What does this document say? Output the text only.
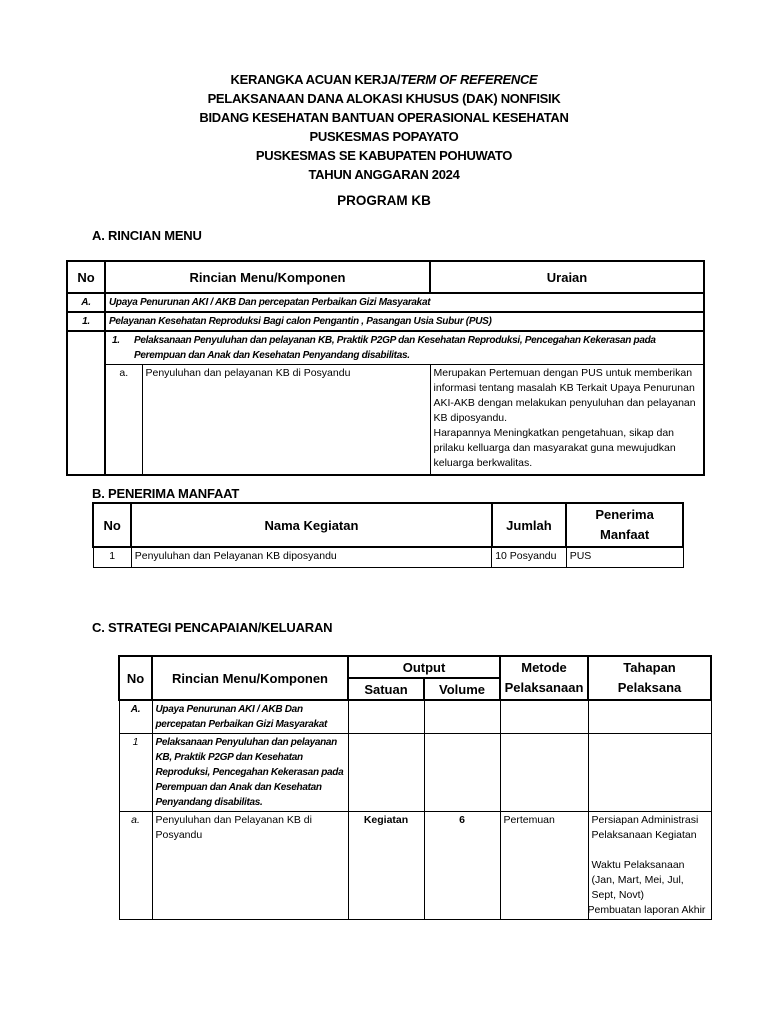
KERANGKA ACUAN KERJA/TERM OF REFERENCE
PELAKSANAAN DANA ALOKASI KHUSUS (DAK) NONFISIK
BIDANG KESEHATAN BANTUAN OPERASIONAL KESEHATAN
PUSKESMAS POPAYATO
PUSKESMAS SE KABUPATEN POHUWATO
TAHUN ANGGARAN 2024
PROGRAM KB
A. RINCIAN MENU
No	Rincian Menu/Komponen		Uraian
A.	Upaya Penurunan AKI / AKB Dan percepatan Perbaikan Gizi Masyarakat		
1.	Pelayanan Kesehatan Reproduksi Bagi calon Pengantin , Pasangan Usia Subur (PUS)		

	1. Pelaksanaan Penyuluhan dan pelayanan KB, Praktik P2GP dan Kesehatan Reproduksi, Pencegahan Kekerasan pada Perempuan dan Anak dan Kesehatan Penyandang disabilitas.		

	a.	Penyuluhan dan pelayanan KB di Posyandu	Merupakan Pertemuan dengan PUS untuk memberikan informasi tentang masalah KB Terkait Upaya Penurunan AKI-AKB dengan melakukan penyuluhan dan pelayanan KB diposyandu.
Harapannya Meningkatkan pengetahuan, sikap dan prilaku kelluarga dan masyarakat guna mewujudkan keluarga berkwalitas.
B. PENERIMA MANFAAT
No	Nama Kegiatan	Jumlah	Penerima Manfaat
1	Penyuluhan dan Pelayanan KB diposyandu	10 Posyandu	PUS
C. STRATEGI PENCAPAIAN/KELUARAN
No	Rincian Menu/Komponen	Output		Metode Pelaksanaan	Tahapan Pelaksana
		Satuan	Volume		
A.	Upaya Penurunan AKI / AKB Dan percepatan Perbaikan Gizi Masyarakat				
1	Pelaksanaan Penyuluhan dan pelayanan KB, Praktik P2GP dan Kesehatan Reproduksi, Pencegahan Kekerasan pada Perempuan dan Anak dan Kesehatan Penyandang disabilitas.				
a.	Penyuluhan dan Pelayanan KB di Posyandu	Kegiatan	6	Pertemuan	Persiapan Administrasi Pelaksanaan Kegiatan
Waktu Pelaksanaan (Jan, Mart, Mei, Jul, Sept, Novt)
Pembuatan laporan Akhir
